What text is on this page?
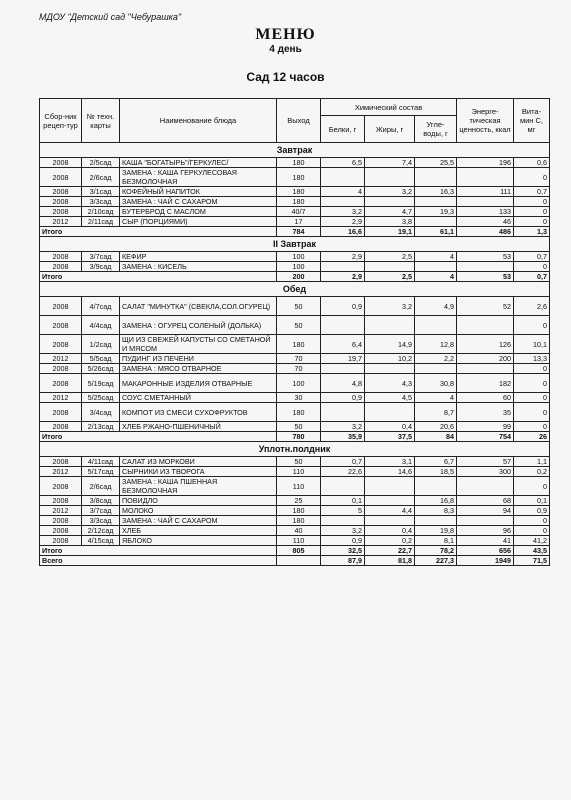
МДОУ "Детский сад "Чебурашка"
МЕНЮ
4 день
Сад 12 часов
Сбор-ник рецеп-тур	№ техн. карты	Наименование блюда	Выход	Химический состав			Энерге-тическая ценность, ккал	Вита-мин С, мг
				Белки, г	Жиры, г	Угле-воды, г		
Завтрак								
2008	2/5сад	КАША "БОГАТЫРЬ"/ГЕРКУЛЕС/	180	6,5	7,4	25,5	196	0,6
2008	2/6сад	ЗАМЕНА : КАША ГЕРКУЛЕСОВАЯ БЕЗМОЛОЧНАЯ	180					0
2008	3/1сад	КОФЕЙНЫЙ НАПИТОК	180	4	3,2	16,3	111	0,7
2008	3/3сад	ЗАМЕНА : ЧАЙ С САХАРОМ	180					0
2008	2/10сад	БУТЕРБРОД С МАСЛОМ	40/7	3,2	4,7	19,3	133	0
2012	2/11сад	СЫР (ПОРЦИЯМИ)	17	2,9	3,8		46	0
Итого			784	16,6	19,1	61,1	486	1,3
II Завтрак								
2008	3/7сад	КЕФИР	100	2,9	2,5	4	53	0,7
2008	3/9сад	ЗАМЕНА : КИСЕЛЬ	100					0
Итого			200	2,9	2,5	4	53	0,7
Обед								
2008	4/7сад	САЛАТ "МИНУТКА" (СВЕКЛА,СОЛ.ОГУРЕЦ)	50	0,9	3,2	4,9	52	2,6
2008	4/4сад	ЗАМЕНА : ОГУРЕЦ СОЛЕНЫЙ (ДОЛЬКА)	50					0
2008	1/2сад	ЩИ ИЗ СВЕЖЕЙ КАПУСТЫ СО СМЕТАНОЙ И МЯСОМ	180	6,4	14,9	12,8	126	10,1
2012	5/5сад	ПУДИНГ ИЗ ПЕЧЕНИ	70	19,7	10,2	2,2	200	13,3
2008	5/26сад	ЗАМЕНА : МЯСО ОТВАРНОЕ	70					0
2008	5/19сад	МАКАРОННЫЕ ИЗДЕЛИЯ ОТВАРНЫЕ	100	4,8	4,3	30,8	182	0
2012	5/25сад	СОУС СМЕТАННЫЙ	30	0,9	4,5	4	60	0
2008	3/4сад	КОМПОТ ИЗ СМЕСИ СУХОФРУКТОВ	180			8,7	35	0
2008	2/13сад	ХЛЕБ РЖАНО-ПШЕНИЧНЫЙ	50	3,2	0,4	20,6	99	0
Итого			780	35,9	37,5	84	754	26
Уплотн.полдник								
2008	4/11сад	САЛАТ ИЗ МОРКОВИ	50	0,7	3,1	6,7	57	1,1
2012	5/17сад	СЫРНИКИ ИЗ ТВОРОГА	110	22,6	14,6	18,5	300	0,2
2008	2/6сад	ЗАМЕНА : КАША ПШЕННАЯ БЕЗМОЛОЧНАЯ	110					0
2008	3/8сад	ПОВИДЛО	25	0,1		16,8	68	0,1
2012	3/7сад	МОЛОКО	180	5	4,4	8,3	94	0,9
2008	3/3сад	ЗАМЕНА : ЧАЙ С САХАРОМ	180					0
2008	2/12сад	ХЛЕБ	40	3,2	0,4	19,8	96	0
2008	4/15сад	ЯБЛОКО	110	0,9	0,2	8,1	41	41,2
Итого			805	32,5	22,7	78,2	656	43,5
Всего				87,9	81,8	227,3	1949	71,5
